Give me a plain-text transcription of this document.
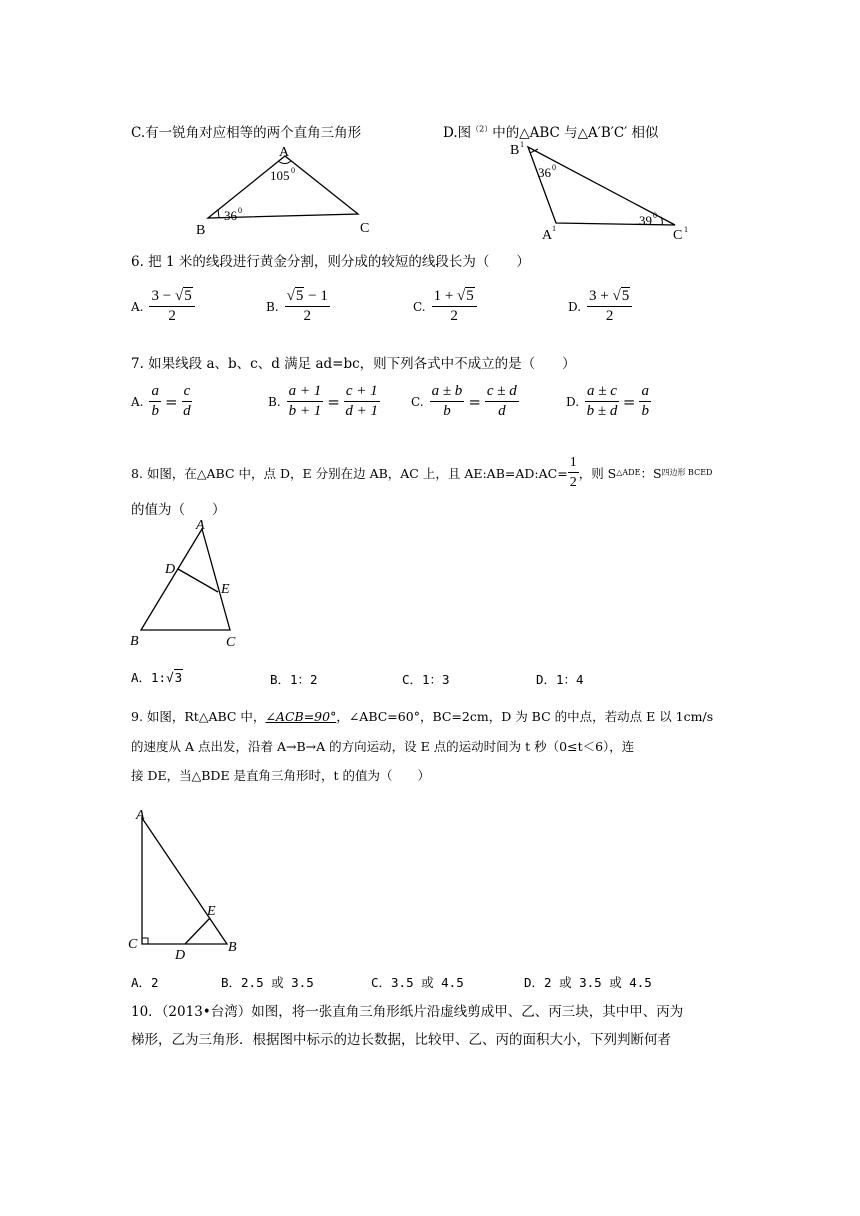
C.有一锐角对应相等的两个直角三角形	D.图$^{(2)}$中的△ABC 与△A′B′C′ 相似
A
B	C
105 0
36 0
B 1
A 1	C 1
36 0
39 0
6. 把 1 米的线段进行黄金分割，则分成的较短的线段长为（　　）
A. $\frac{3 - √5}{2}$	B. $\frac{√5 - 1}{2}$	C. $\frac{1 + √5}{2}$	D. $\frac{3 + √5}{2}$
7. 如果线段 a、b、c、d 满足 ad=bc，则下列各式中不成立的是（　　）
A. $\frac{a}{b} = \frac{c}{d}$	B. $\frac{a + 1}{b + 1} = \frac{c + 1}{d + 1}$	C. $\frac{a \pm b}{b} = \frac{c \pm d}{d}$	D. $\frac{a \pm c}{b \pm d} = \frac{a}{b}$
8. 如图，在△ABC 中，点 D，E 分别在边 AB，AC 上，且 AE:AB=AD:AC= $\frac{1}{2}$ ，则 S △ADE ：S 四边形 BCED
的值为（　　）
A
B	C
D
E
A．1:√3	B．1：2	C．1：3	D．1：4
9. 如图，Rt△ABC 中，∠ACB=90°，∠ABC=60°，BC=2cm，D 为 BC 的中点，若动点 E 以 1cm/s
的速度从 A 点出发，沿着 A→B→A 的方向运动，设 E 点的运动时间为 t 秒（0≤t＜6），连
接 DE，当△BDE 是直角三角形时，t 的值为（　　）
A
C
D
B
E
A．2	B．2.5 或 3.5	C．3.5 或 4.5	D．2 或 3.5 或 4.5
10．（2013•台湾）如图，将一张直角三角形纸片沿虚线剪成甲、乙、丙三块，其中甲、丙为
梯形，乙为三角形．根据图中标示的边长数据，比较甲、乙、丙的面积大小，下列判断何者
